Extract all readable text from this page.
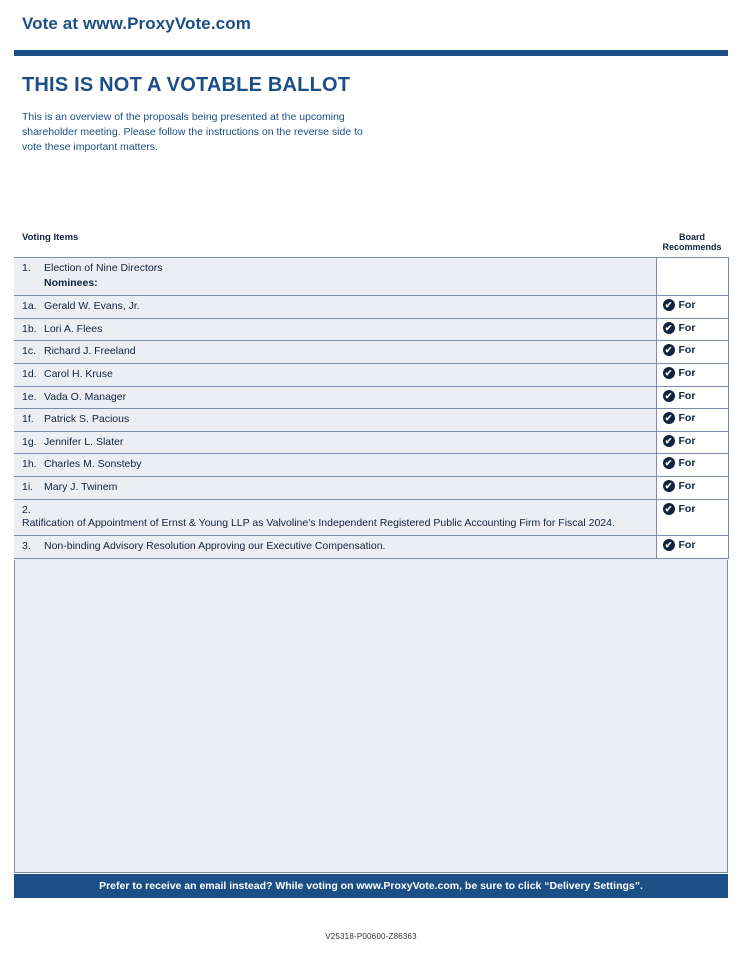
Vote at www.ProxyVote.com
THIS IS NOT A VOTABLE BALLOT
This is an overview of the proposals being presented at the upcoming shareholder meeting. Please follow the instructions on the reverse side to vote these important matters.
Voting Items	Board
Recommends
1. Election of Nine Directors
Nominees:	

1a. Gerald W. Evans, Jr.	✔ For

1b. Lori A. Flees	✔ For

1c. Richard J. Freeland	✔ For

1d. Carol H. Kruse	✔ For

1e. Vada O. Manager	✔ For

1f. Patrick S. Pacious	✔ For

1g. Jennifer L. Slater	✔ For

1h. Charles M. Sonsteby	✔ For

1i. Mary J. Twinem	✔ For

2.Ratification of Appointment of Ernst & Young LLP as Valvoline's Independent Registered Public Accounting Firm for Fiscal 2024.	✔ For

3. Non-binding Advisory Resolution Approving our Executive Compensation.	✔ For

Prefer to receive an email instead? While voting on www.ProxyVote.com, be sure to click “Delivery Settings”.
V25318-P00600-Z86363
